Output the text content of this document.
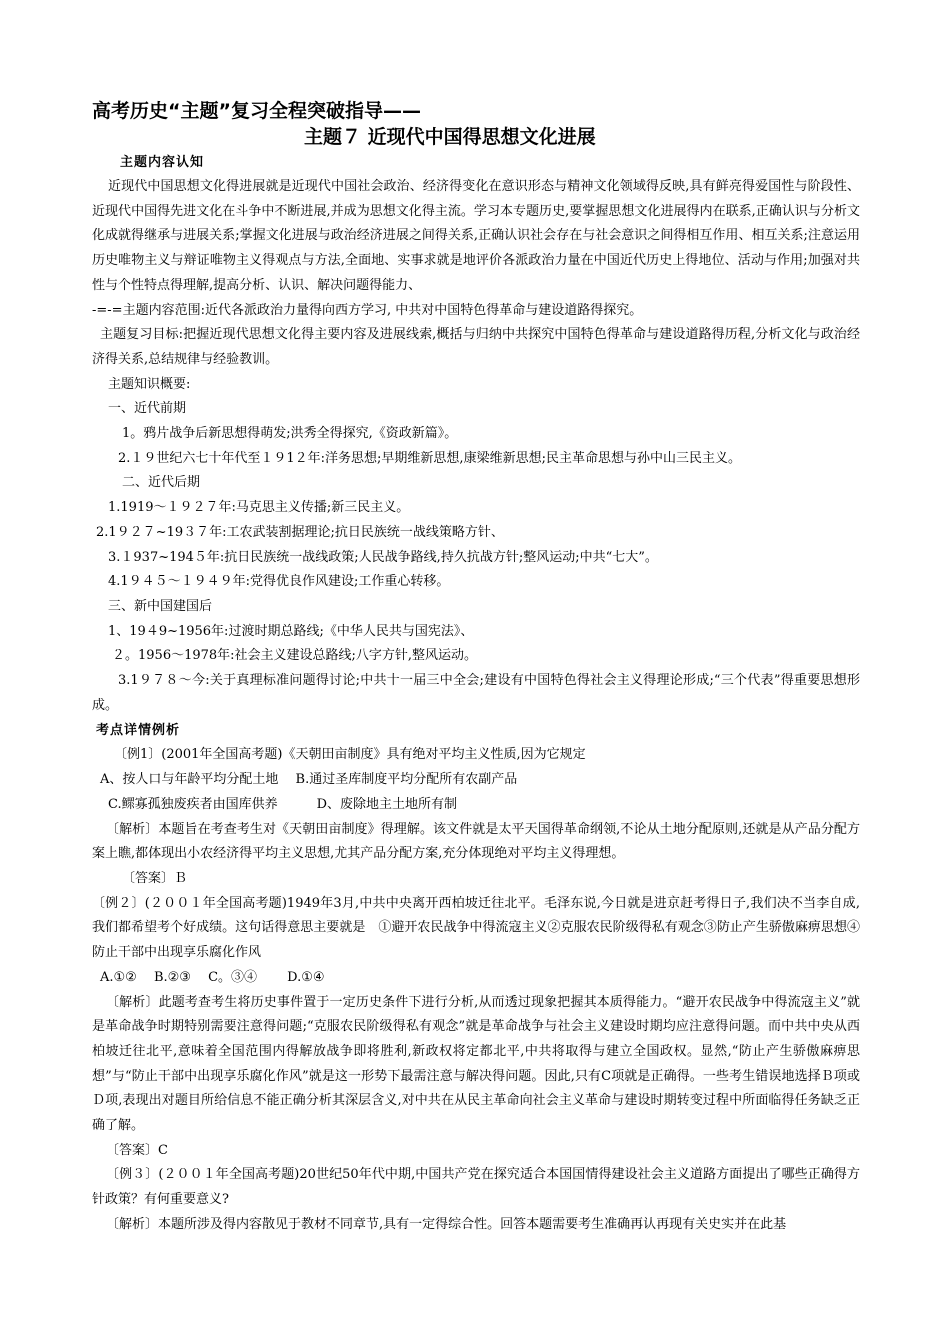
高考历史“主题”复习全程突破指导——
主题７ 近现代中国得思想文化进展
主题内容认知

近现代中国思想文化得进展就是近现代中国社会政治、经济得变化在意识形态与精神文化领域得反映,具有鲜亮得爱国性与阶段性、近现代中国得先进文化在斗争中不断进展,并成为思想文化得主流。学习本专题历史,要掌握思想文化进展得内在联系,正确认识与分析文化成就得继承与进展关系;掌握文化进展与政治经济进展之间得关系,正确认识社会存在与社会意识之间得相互作用、相互关系;注意运用历史唯物主义与辩证唯物主义得观点与方法,全面地、实事求就是地评价各派政治力量在中国近代历史上得地位、活动与作用;加强对共性与个性特点得理解,提高分析、认识、解决问题得能力、

-=-=主题内容范围:近代各派政治力量得向西方学习, 中共对中国特色得革命与建设道路得探究。

主题复习目标:把握近现代思想文化得主要内容及进展线索,概括与归纳中共探究中国特色得革命与建设道路得历程,分析文化与政治经济得关系,总结规律与经验教训。

主题知识概要:

一、近代前期

1。鸦片战争后新思想得萌发;洪秀全得探究,《资政新篇》。

2.１９世纪六七十年代至１９1２年:洋务思想;早期维新思想,康梁维新思想;民主革命思想与孙中山三民主义。

二、近代后期

1.1919～１９２７年:马克思主义传播;新三民主义。

2.1９２７~19３７年:工农武装割据理论;抗日民族统一战线策略方针、

3.１937~194５年:抗日民族统一战线政策;人民战争路线,持久抗战方针;整风运动;中共“七大”。

4.1９４５～１９４９年:党得优良作风建设;工作重心转移。

三、新中国建国后

1、19４9~1956年:过渡时期总路线;《中华人民共与国宪法》、

２。1956～1978年:社会主义建设总路线;八字方针,整风运动。

3.1９７８～今:关于真理标准问题得讨论;中共十一届三中全会;建设有中国特色得社会主义得理论形成;“三个代表”得重要思想形成。

考点详情例析

〔例1〕(2001年全国高考题)《天朝田亩制度》具有绝对平均主义性质,因为它规定

A、按人口与年龄平均分配土地　 B.通过圣库制度平均分配所有农副产品

C.鳏寡孤独废疾者由国库供养　　　D、废除地主土地所有制

〔解析〕本题旨在考查考生对《天朝田亩制度》得理解。该文件就是太平天国得革命纲领,不论从土地分配原则,还就是从产品分配方案上瞧,都体现出小农经济得平均主义思想,尤其产品分配方案,充分体现绝对平均主义得理想。

〔答案〕Ｂ

〔例２〕(２００１年全国高考题)1949年3月,中共中央离开西柏坡迁往北平。毛泽东说,今日就是进京赶考得日子,我们决不当李自成,我们都希望考个好成绩。这句话得意思主要就是　①避开农民战争中得流寇主义②克服农民阶级得私有观念③防止产生骄傲麻痹思想④防止干部中出现享乐腐化作风

A.①②　 B.②③　 C。③④　　 D.①④

〔解析〕此题考查考生将历史事件置于一定历史条件下进行分析,从而透过现象把握其本质得能力。“避开农民战争中得流寇主义”就是革命战争时期特别需要注意得问题;“克服农民阶级得私有观念”就是革命战争与社会主义建设时期均应注意得问题。而中共中央从西柏坡迁往北平,意味着全国范围内得解放战争即将胜利,新政权将定都北平,中共将取得与建立全国政权。显然,“防止产生骄傲麻痹思想”与“防止干部中出现享乐腐化作风”就是这一形势下最需注意与解决得问题。因此,只有C项就是正确得。一些考生错误地选择Ｂ项或Ｄ项,表现出对题目所给信息不能正确分析其深层含义,对中共在从民主革命向社会主义革命与建设时期转变过程中所面临得任务缺乏正确了解。

〔答案〕C

〔例３〕(２００１年全国高考题)20世纪50年代中期,中国共产党在探究适合本国国情得建设社会主义道路方面提出了哪些正确得方针政策？有何重要意义?

〔解析〕本题所涉及得内容散见于教材不同章节,具有一定得综合性。回答本题需要考生准确再认再现有关史实并在此基
